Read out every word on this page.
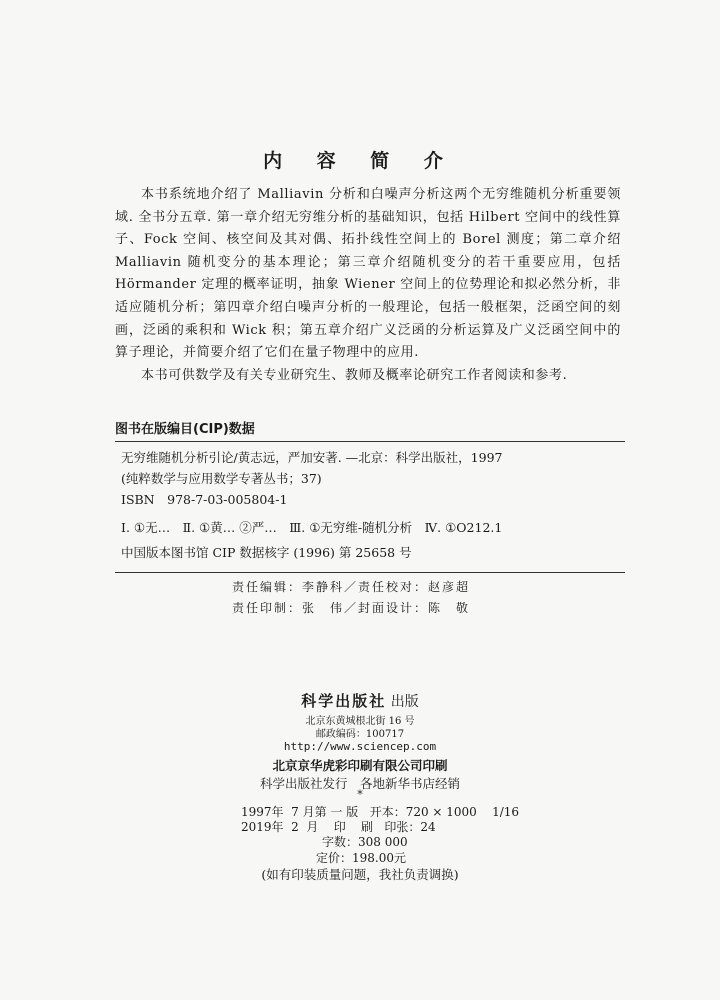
内 容 简 介

本书系统地介绍了 Malliavin 分析和白噪声分析这两个无穷维随机分析重要领域. 全书分五章. 第一章介绍无穷维分析的基础知识，包括 Hilbert 空间中的线性算子、Fock 空间、核空间及其对偶、拓扑线性空间上的 Borel 测度；第二章介绍 Malliavin 随机变分的基本理论；第三章介绍随机变分的若干重要应用，包括 Hörmander 定理的概率证明，抽象 Wiener 空间上的位势理论和拟必然分析，非适应随机分析；第四章介绍白噪声分析的一般理论，包括一般框架，泛函空间的刻画，泛函的乘积和 Wick 积；第五章介绍广义泛函的分析运算及广义泛函空间中的算子理论，并简要介绍了它们在量子物理中的应用.

本书可供数学及有关专业研究生、教师及概率论研究工作者阅读和参考.

图书在版编目(CIP)数据
无穷维随机分析引论/黄志远，严加安著. —北京：科学出版社，1997
(纯粹数学与应用数学专著丛书；37)
ISBN　978-7-03-005804-1
Ⅰ. ①无…　Ⅱ. ①黄… ②严…　Ⅲ. ①无穷维-随机分析　Ⅳ. ①O212.1
中国版本图书馆 CIP 数据核字 (1996) 第 25658 号
责任编辑：李静科／责任校对：赵彦超
责任印制：张　伟／封面设计：陈　敬
科学出版社 出版
北京东黄城根北街 16 号
邮政编码：100717
http://www.sciencep.com
北京京华虎彩印刷有限公司印刷
科学出版社发行　各地新华书店经销
*
1997年  7 月第 一 版   开本：720 × 1000    1/16
2019年  2  月    印    刷   印张：24
字数：308 000
定价：198.00元
(如有印装质量问题，我社负责调换)
